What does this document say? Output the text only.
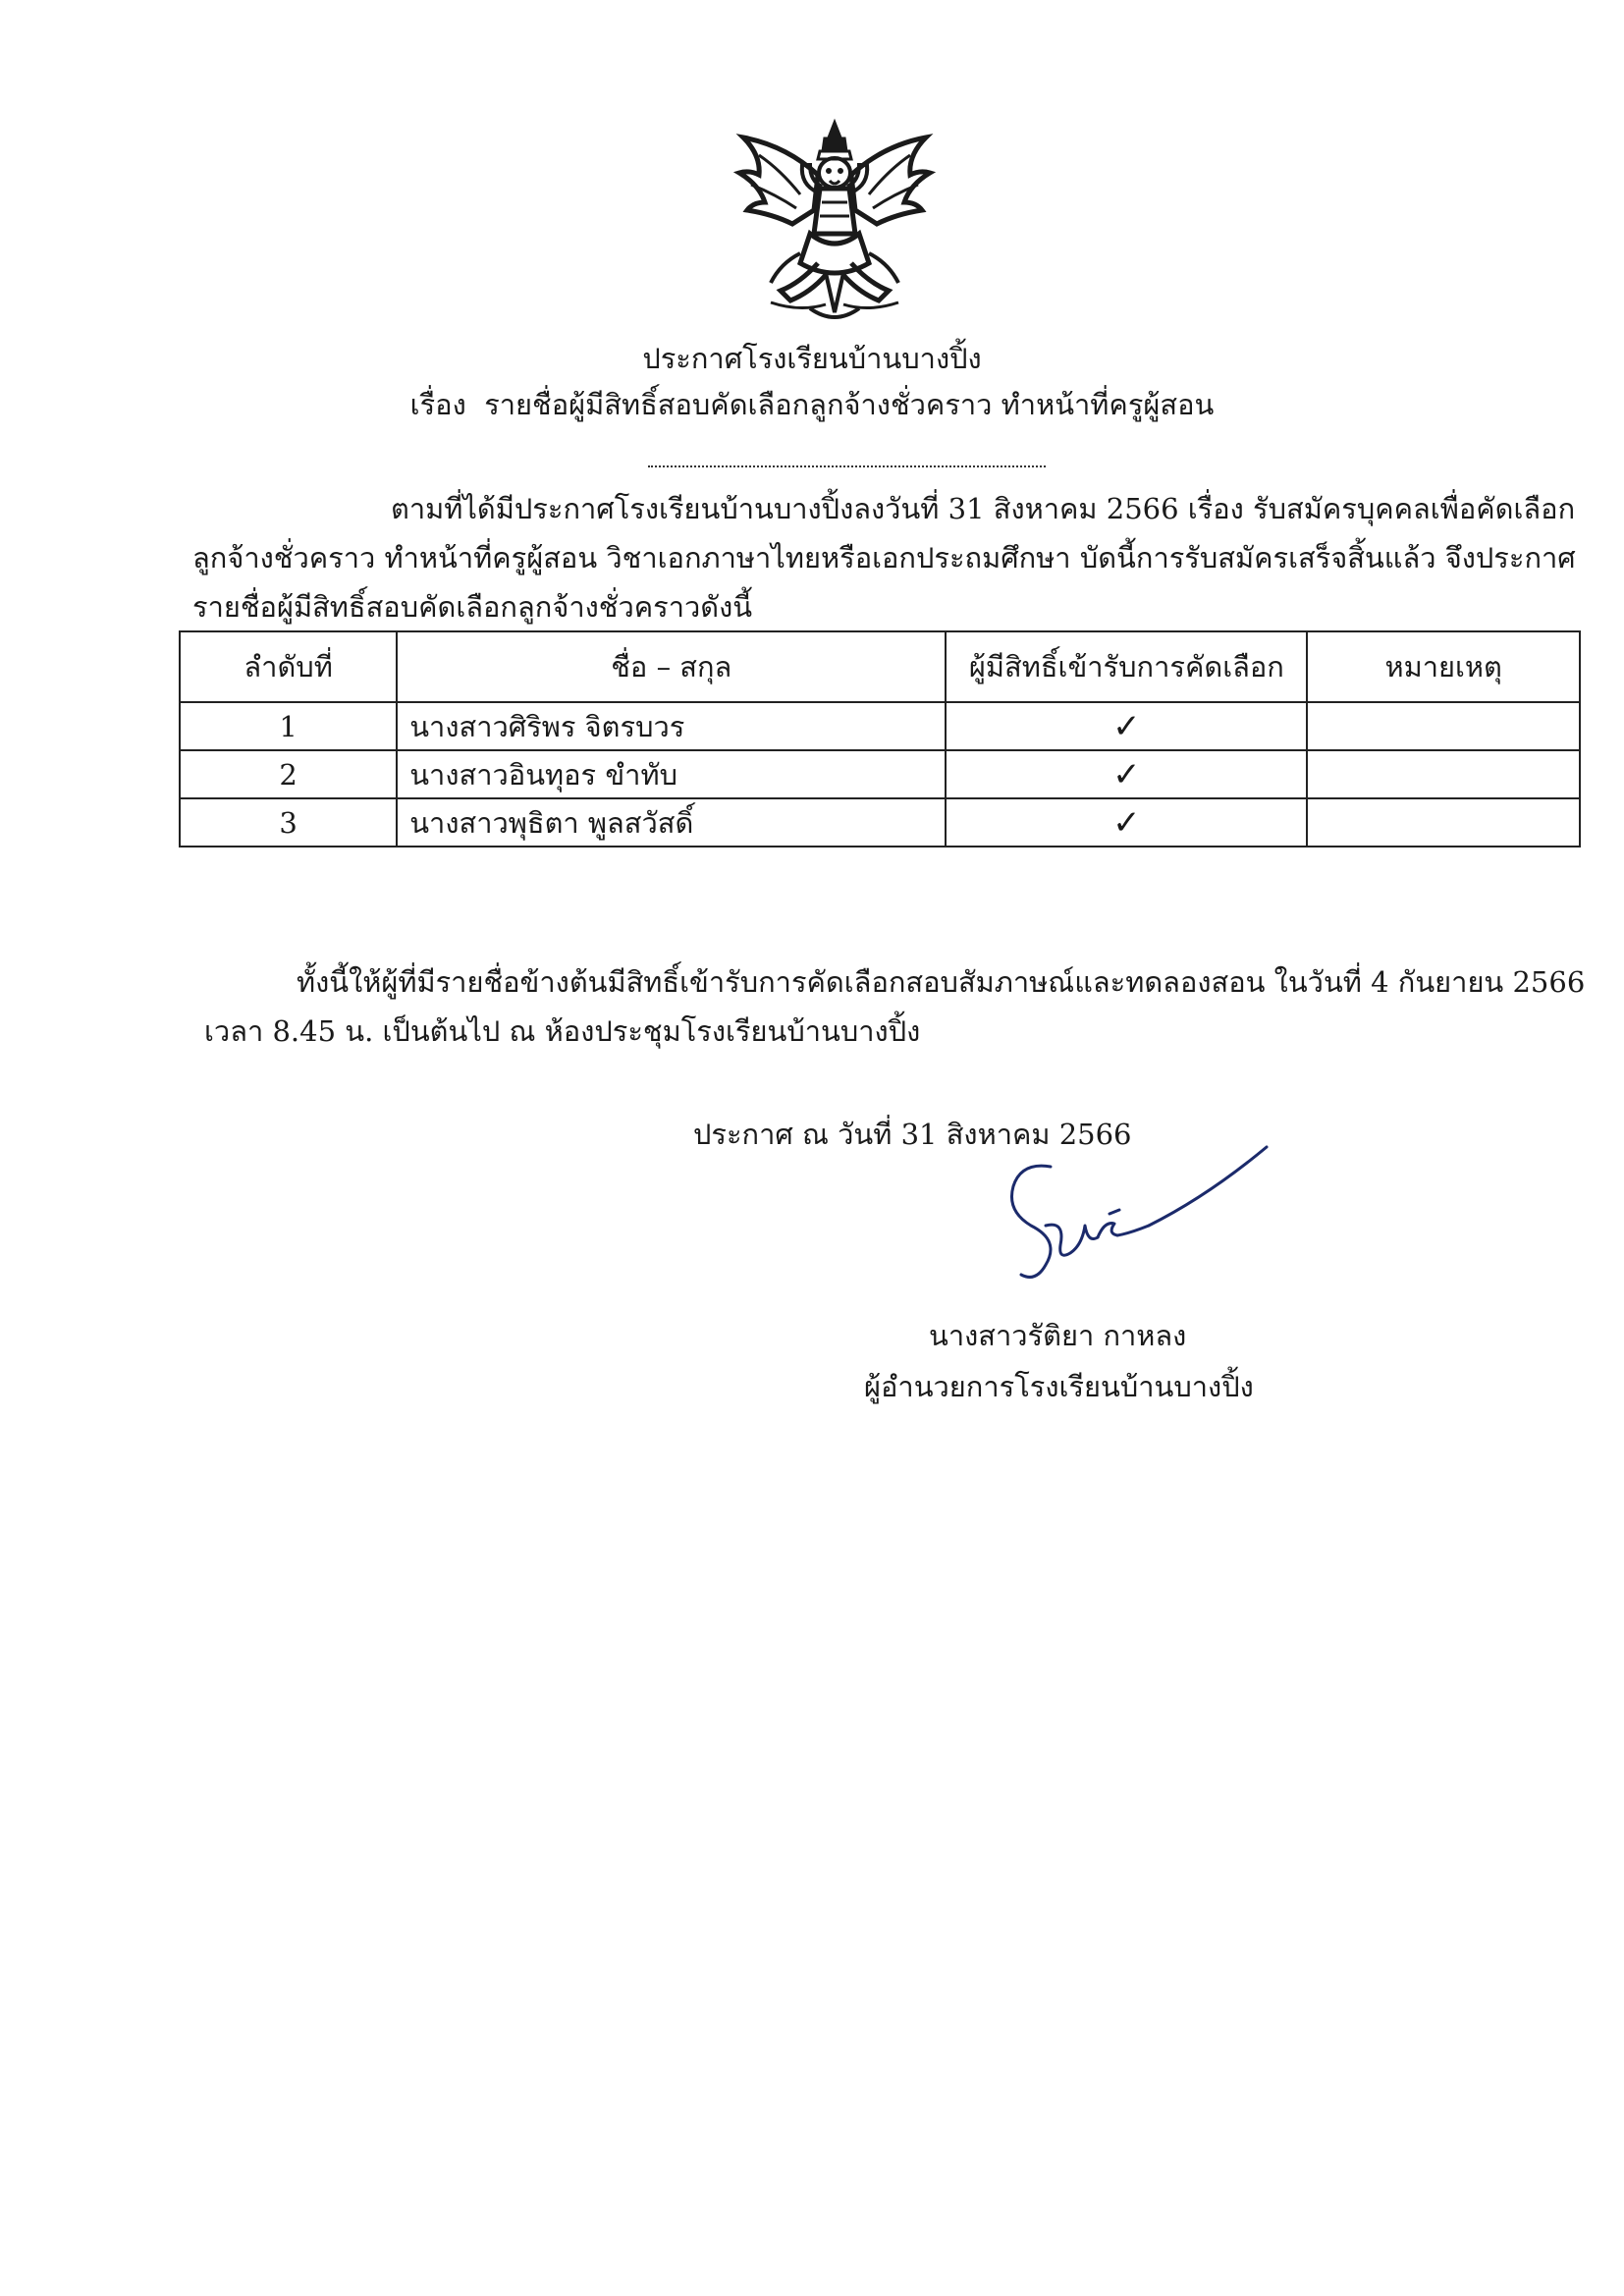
ประกาศโรงเรียนบ้านบางปิ้ง
เรื่อง รายชื่อผู้มีสิทธิ์สอบคัดเลือกลูกจ้างชั่วคราว ทำหน้าที่ครูผู้สอน
ตามที่ได้มีประกาศโรงเรียนบ้านบางปิ้งลงวันที่ 31 สิงหาคม 2566 เรื่อง รับสมัครบุคคลเพื่อคัดเลือก
ลูกจ้างชั่วคราว ทำหน้าที่ครูผู้สอน วิชาเอกภาษาไทยหรือเอกประถมศึกษา บัดนี้การรับสมัครเสร็จสิ้นแล้ว จึงประกาศ
รายชื่อผู้มีสิทธิ์สอบคัดเลือกลูกจ้างชั่วคราวดังนี้
ลำดับที่	ชื่อ – สกุล	ผู้มีสิทธิ์เข้ารับการคัดเลือก	หมายเหตุ
1	นางสาวศิริพร จิตรบวร	✓	
2	นางสาวอินทุอร ขำทับ	✓	
3	นางสาวพุธิตา พูลสวัสดิ์	✓	
ทั้งนี้ให้ผู้ที่มีรายชื่อข้างต้นมีสิทธิ์เข้ารับการคัดเลือกสอบสัมภาษณ์และทดลองสอน ในวันที่ 4 กันยายน 2566
เวลา 8.45 น. เป็นต้นไป ณ ห้องประชุมโรงเรียนบ้านบางปิ้ง
ประกาศ ณ วันที่ 31 สิงหาคม 2566
นางสาวรัติยา กาหลง
ผู้อำนวยการโรงเรียนบ้านบางปิ้ง
